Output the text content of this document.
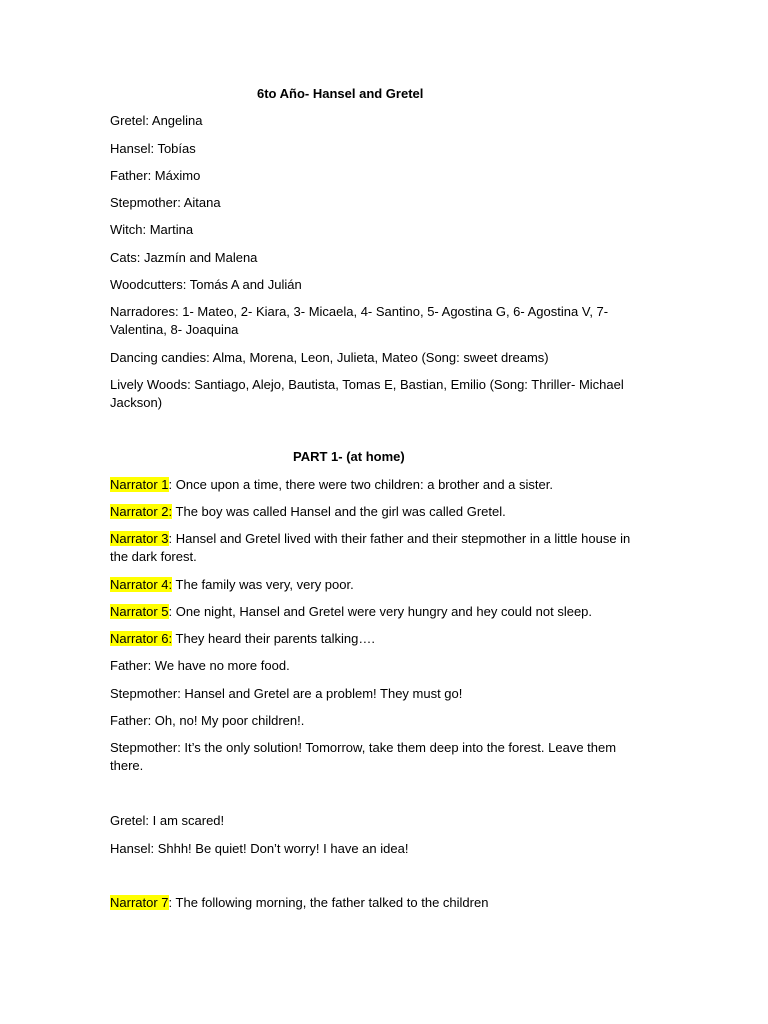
6to Año- Hansel and Gretel
Gretel: Angelina
Hansel: Tobías
Father: Máximo
Stepmother: Aitana
Witch: Martina
Cats: Jazmín and Malena
Woodcutters: Tomás A and Julián
Narradores: 1- Mateo, 2- Kiara, 3- Micaela, 4- Santino, 5- Agostina G, 6- Agostina V, 7- Valentina, 8- Joaquina
Dancing candies: Alma, Morena, Leon, Julieta, Mateo (Song: sweet dreams)
Lively Woods: Santiago, Alejo, Bautista, Tomas E, Bastian, Emilio (Song: Thriller- Michael Jackson)
PART 1- (at home)
Narrator 1: Once upon a time, there were two children: a brother and a sister.
Narrator 2: The boy was called Hansel and the girl was called Gretel.
Narrator 3: Hansel and Gretel lived with their father and their stepmother in a little house in the dark forest.
Narrator 4: The family was very, very poor.
Narrator 5: One night, Hansel and Gretel were very hungry and hey could not sleep.
Narrator 6: They heard their parents talking….
Father: We have no more food.
Stepmother: Hansel and Gretel are a problem! They must go!
Father: Oh, no! My poor children!.
Stepmother: It’s the only solution! Tomorrow, take them deep into the forest. Leave them there.
Gretel: I am scared!
Hansel: Shhh! Be quiet! Don’t worry! I have an idea!
Narrator 7: The following morning, the father talked to the children
